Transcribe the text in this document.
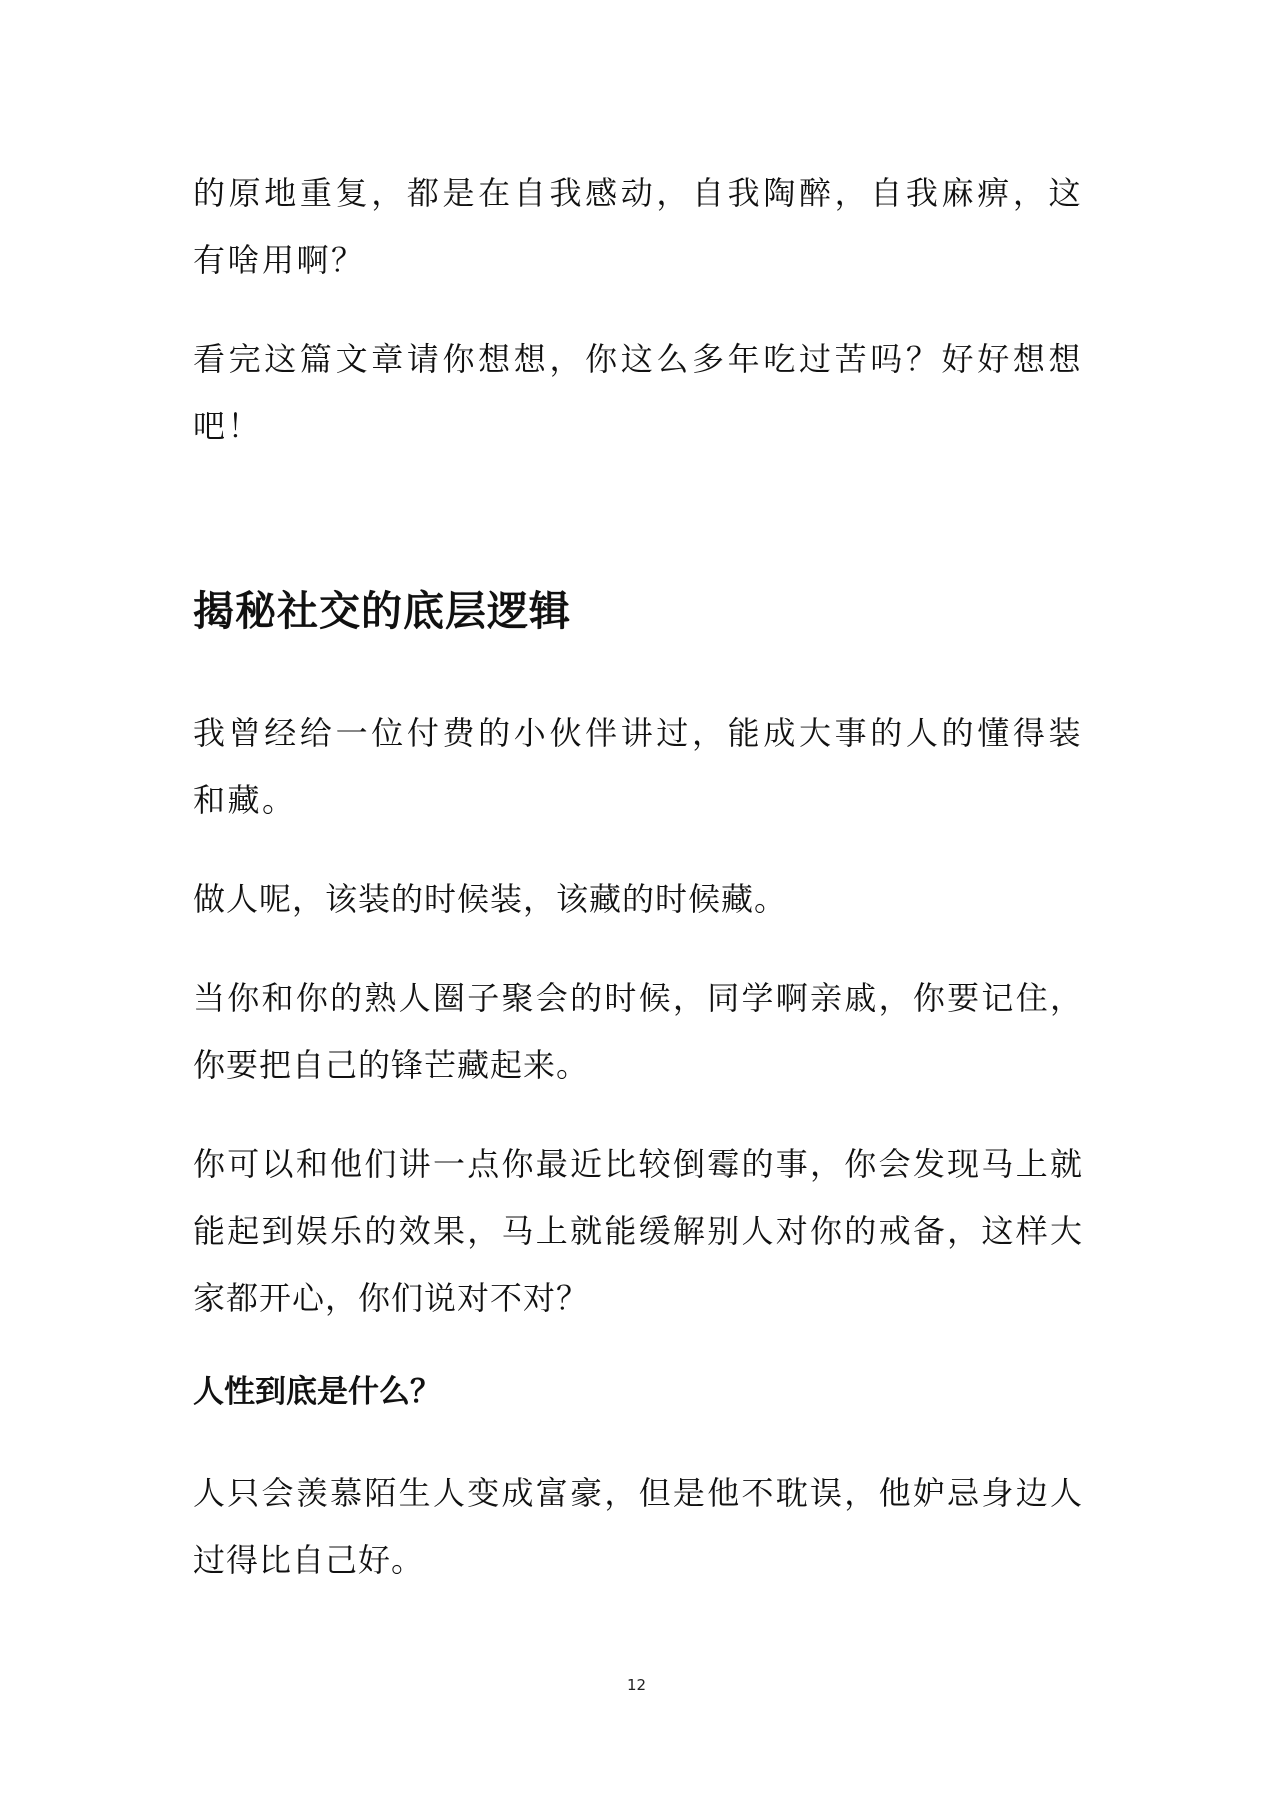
的原地重复，都是在自我感动，自我陶醉，自我麻痹，这有啥用啊？

看完这篇文章请你想想，你这么多年吃过苦吗？好好想想吧！

揭秘社交的底层逻辑

我曾经给一位付费的小伙伴讲过，能成大事的人的懂得装和藏。

做人呢，该装的时候装，该藏的时候藏。

当你和你的熟人圈子聚会的时候，同学啊亲戚，你要记住，你要把自己的锋芒藏起来。

你可以和他们讲一点你最近比较倒霉的事，你会发现马上就能起到娱乐的效果，马上就能缓解别人对你的戒备，这样大家都开心，你们说对不对？

人性到底是什么？

人只会羡慕陌生人变成富豪，但是他不耽误，他妒忌身边人过得比自己好。

12
